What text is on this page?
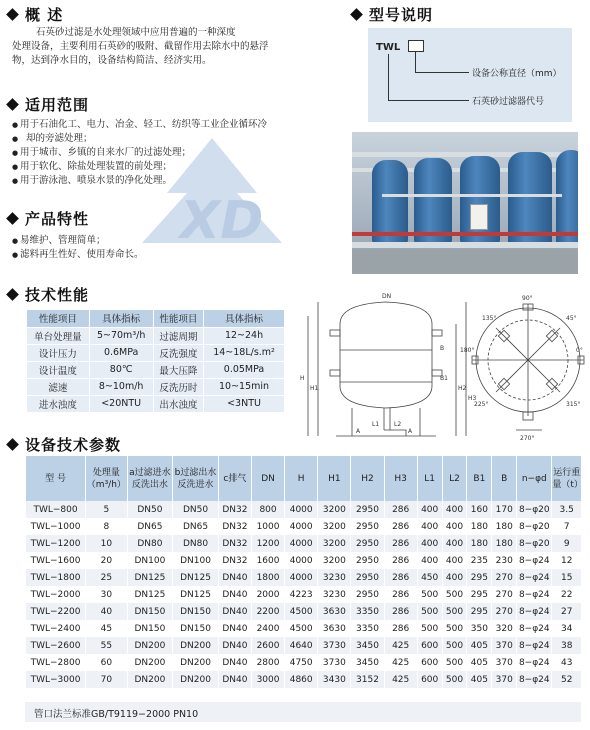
概 述
石英砂过滤是水处理领域中应用普遍的一种深度
处理设备，主要利用石英砂的吸附、截留作用去除水中的悬浮
物，达到净水目的，设备结构简洁、经济实用。
型号说明
TWL
设备公称直径（mm）
石英砂过滤器代号
适用范围
● 用于石油化工、电力、冶金、轻工、纺织等工业企业循环冷
● 却的旁滤处理；
● 用于城市、乡镇的自来水厂的过滤处理；
● 用于软化、除盐处理装置的前处理；
● 用于游泳池、喷泉水景的净化处理。
XD
产品特性
● 易维护、管理简单；
● 滤料再生性好、使用寿命长。
技术性能
性能项目	具体指标	性能项目	具体指标
单台处理量	5~70m³/h	过滤周期	12~24h
设计压力	0.6MPa	反洗强度	14~18L/s.m²
设计温度	80℃	最大压降	0.05MPa
滤速	8~10m/h	反洗历时	10~15min
进水浊度	<20NTU	出水浊度	<3NTU
90°
135°	45°
180°	0°
225°	315°
270°
H
H1	H2
H3
L1 L2
A
B1
B
DN
A
设备技术参数
型 号	处理量（m³/h）	a过滤进水反洗出水	b过滤出水反洗进水	c排气	DN	H	H1	H2	H3	L1	L2	B1	B	n−φd	运行重量（t）
TWL−800	5	DN50	DN50	DN32	800	4000	3200	2950	286	400	400	160	170	8−φ20	3.5
TWL−1000	8	DN65	DN65	DN32	1000	4000	3200	2950	286	400	400	180	180	8−φ20	7
TWL−1200	10	DN80	DN80	DN32	1200	4000	3200	2950	286	400	400	180	180	8−φ20	9
TWL−1600	20	DN100	DN100	DN32	1600	4000	3200	2950	286	400	400	235	230	8−φ24	12
TWL−1800	25	DN125	DN125	DN40	1800	4000	3230	2950	286	450	400	295	270	8−φ24	15
TWL−2000	30	DN125	DN125	DN40	2000	4223	3230	2950	286	500	500	295	270	8−φ24	22
TWL−2200	40	DN150	DN150	DN40	2200	4500	3630	3350	286	500	500	295	270	8−φ24	27
TWL−2400	45	DN150	DN150	DN40	2400	4500	3630	3350	286	500	500	350	320	8−φ24	34
TWL−2600	55	DN200	DN200	DN40	2600	4640	3730	3450	425	600	500	405	370	8−φ24	38
TWL−2800	60	DN200	DN200	DN40	2800	4750	3730	3450	425	600	500	405	370	8−φ24	43
TWL−3000	70	DN200	DN200	DN40	3000	4860	3430	3152	425	600	500	405	370	8−φ24	52
管口法兰标准GB/T9119−2000 PN10
